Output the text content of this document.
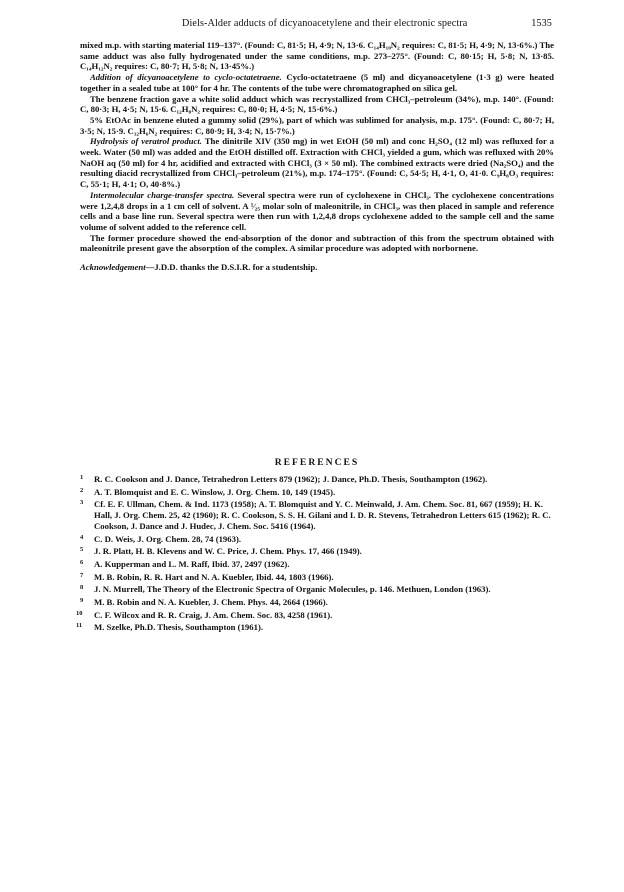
Diels-Alder adducts of dicyanoacetylene and their electronic spectra	1535

mixed m.p. with starting material 119–137°. (Found: C, 81·5; H, 4·9; N, 13·6. C₁₄H₁₀N₂ requires: C, 81·5; H, 4·9; N, 13·6%.) The same adduct was also fully hydrogenated under the same conditions, m.p. 273–275°. (Found: C, 80·15; H, 5·8; N, 13·85. C₁₄H₁₂N₂ requires: C, 80·7; H, 5·8; N, 13·45%.)

Addition of dicyanoacetylene to cyclo-octatetraene. Cyclo-octatetraene (5 ml) and dicyanoacetylene (1·3 g) were heated together in a sealed tube at 100° for 4 hr. The contents of the tube were chromatographed on silica gel.

The benzene fraction gave a white solid adduct which was recrystallized from CHCl₃–petroleum (34%), m.p. 140°. (Found: C, 80·3; H, 4·5; N, 15·6. C₁₂H₈N₂ requires: C, 80·0; H, 4·5; N, 15·6%.)

5% EtOAc in benzene eluted a gummy solid (29%), part of which was sublimed for analysis, m.p. 175°. (Found: C, 80·7; H, 3·5; N, 15·9. C₁₂H₆N₂ requires: C, 80·9; H, 3·4; N, 15·7%.)

Hydrolysis of veratrol product. The dinitrile XIV (350 mg) in wet EtOH (50 ml) and conc H₂SO₄ (12 ml) was refluxed for a week. Water (50 ml) was added and the EtOH distilled off. Extraction with CHCl₃ yielded a gum, which was refluxed with 20% NaOH aq (50 ml) for 4 hr, acidified and extracted with CHCl₃ (3 × 50 ml). The combined extracts were dried (Na₂SO₄) and the resulting diacid recrystallized from CHCl₃–petroleum (21%), m.p. 174–175°. (Found: C, 54·5; H, 4·1, O, 41·0. C₉H₈O₃ requires: C, 55·1; H, 4·1; O, 40·8%.)

Intermolecular charge-transfer spectra. Several spectra were run of cyclohexene in CHCl₃. The cyclohexene concentrations were 1,2,4,8 drops in a 1 cm cell of solvent. A ¹⁄₂₅ molar soln of maleonitrile, in CHCl₃, was then placed in sample and reference cells and a base line run. Several spectra were then run with 1,2,4,8 drops cyclohexene added to the sample cell and the same volume of solvent added to the reference cell.

The former procedure showed the end-absorption of the donor and subtraction of this from the spectrum obtained with maleonitrile present gave the absorption of the complex. A similar procedure was adopted with norbornene.

Acknowledgement—J.D.D. thanks the D.S.I.R. for a studentship.

REFERENCES
1 R. C. Cookson and J. Dance, Tetrahedron Letters 879 (1962); J. Dance, Ph.D. Thesis, Southampton (1962).
2 A. T. Blomquist and E. C. Winslow, J. Org. Chem. 10, 149 (1945).
3 Cf. E. F. Ullman, Chem. & Ind. 1173 (1958); A. T. Blomquist and Y. C. Meinwald, J. Am. Chem. Soc. 81, 667 (1959); H. K. Hall, J. Org. Chem. 25, 42 (1960); R. C. Cookson, S. S. H. Gilani and I. D. R. Stevens, Tetrahedron Letters 615 (1962); R. C. Cookson, J. Dance and J. Hudec, J. Chem. Soc. 5416 (1964).
4 C. D. Weis, J. Org. Chem. 28, 74 (1963).
5 J. R. Platt, H. B. Klevens and W. C. Price, J. Chem. Phys. 17, 466 (1949).
6 A. Kupperman and L. M. Raff, Ibid. 37, 2497 (1962).
7 M. B. Robin, R. R. Hart and N. A. Kuebler, Ibid. 44, 1803 (1966).
8 J. N. Murrell, The Theory of the Electronic Spectra of Organic Molecules, p. 146. Methuen, London (1963).
9 M. B. Robin and N. A. Kuebler, J. Chem. Phys. 44, 2664 (1966).
10 C. F. Wilcox and R. R. Craig, J. Am. Chem. Soc. 83, 4258 (1961).
11 M. Szelke, Ph.D. Thesis, Southampton (1961).
